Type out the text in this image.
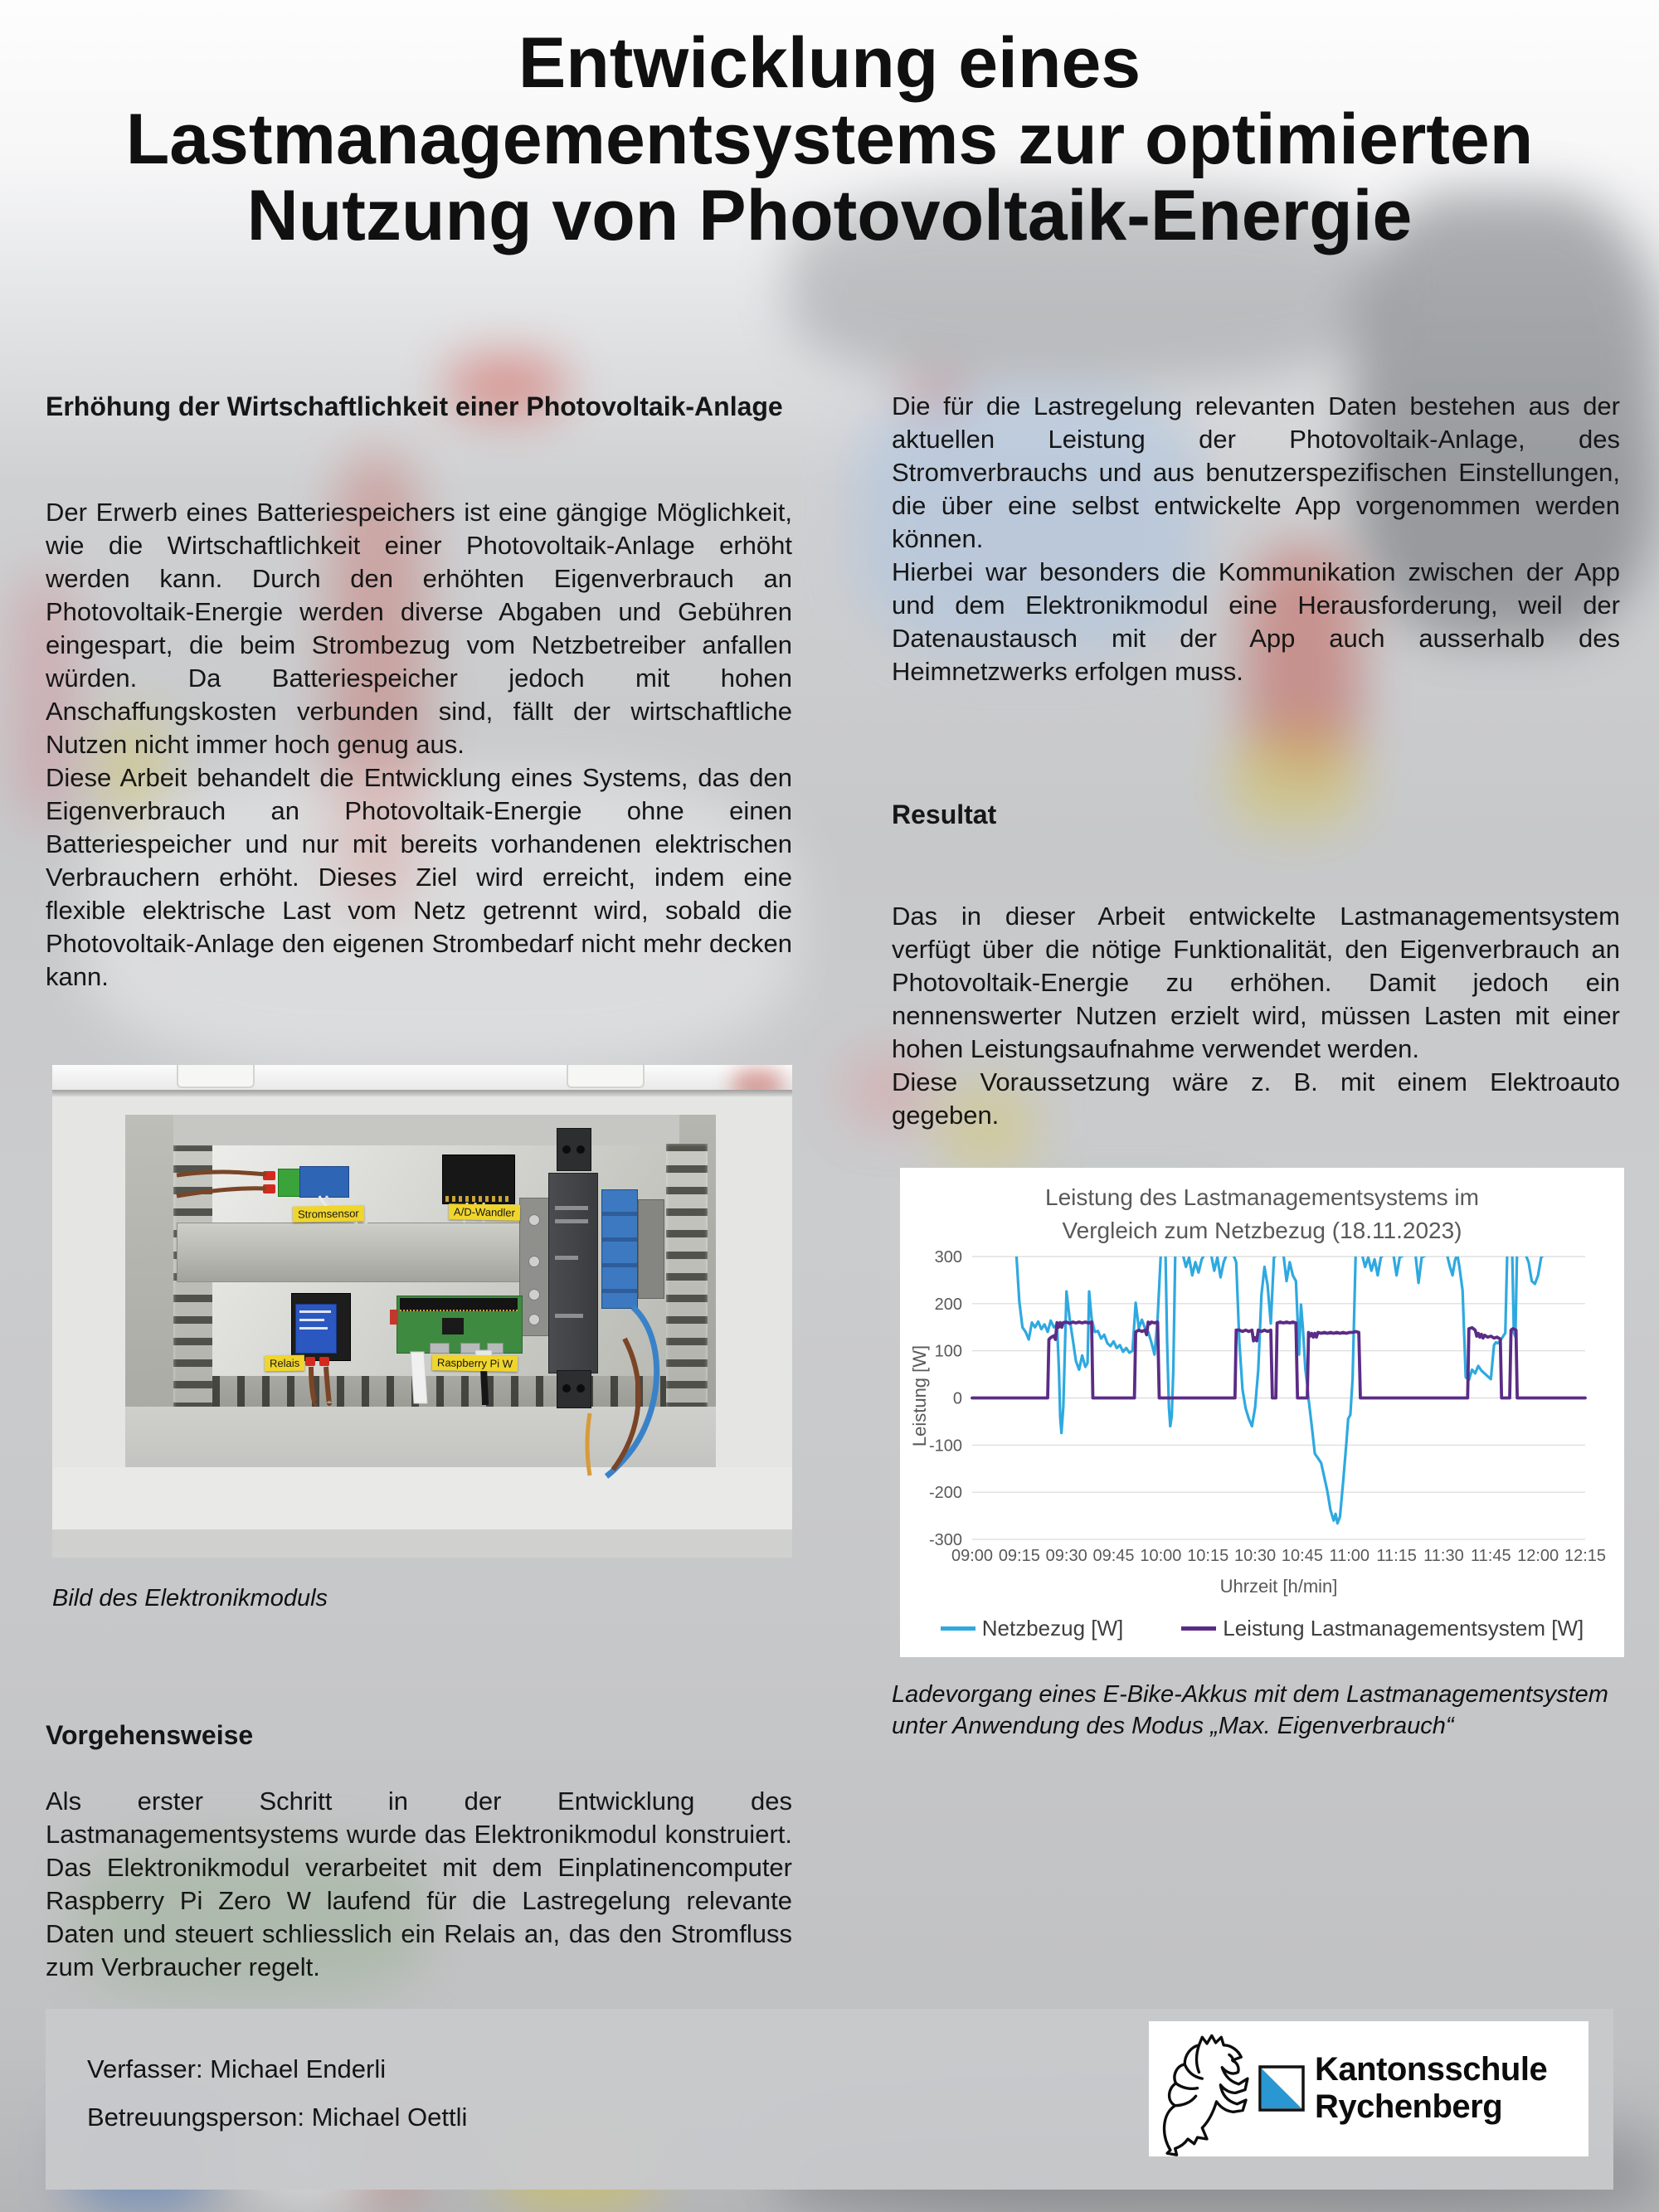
Entwicklung eines
Lastmanagementsystems zur optimierten
Nutzung von Photovoltaik-Energie
Erhöhung der Wirtschaftlichkeit einer Photovoltaik-Anlage

Der Erwerb eines Batteriespeichers ist eine gängige Möglichkeit, wie die Wirtschaftlichkeit einer Photovoltaik-Anlage erhöht werden kann. Durch den erhöhten Eigenverbrauch an Photovoltaik-Energie werden diverse Abgaben und Gebühren eingespart, die beim Strombezug vom Netzbetreiber anfallen würden. Da Batteriespeicher jedoch mit hohen Anschaffungskosten verbunden sind, fällt der wirtschaftliche Nutzen nicht immer hoch genug aus.

Diese Arbeit behandelt die Entwicklung eines Systems, das den Eigenverbrauch an Photovoltaik-Energie ohne einen Batteriespeicher und nur mit bereits vorhandenen elektrischen Verbrauchern erhöht. Dieses Ziel wird erreicht, indem eine flexible elektrische Last vom Netz getrennt wird, sobald die Photovoltaik-Anlage den eigenen Strombedarf nicht mehr decken kann.

Stromsensor	A/D-Wandler
Relais	Raspberry Pi W
Bild des Elektronikmoduls
Vorgehensweise

Als erster Schritt in der Entwicklung des Lastmanagementsystems wurde das Elektronikmodul konstruiert. Das Elektronikmodul verarbeitet mit dem Einplatinencomputer Raspberry Pi Zero W laufend für die Lastregelung relevante Daten und steuert schliesslich ein Relais an, das den Stromfluss zum Verbraucher regelt.

Die für die Lastregelung relevanten Daten bestehen aus der aktuellen Leistung der Photovoltaik-Anlage, des Stromverbrauchs und aus benutzerspezifischen Einstellungen, die über eine selbst entwickelte App vorgenommen werden können.

Hierbei war besonders die Kommunikation zwischen der App und dem Elektronikmodul eine Herausforderung, weil der Datenaustausch mit der App auch ausserhalb des Heimnetzwerks erfolgen muss.

Resultat

Das in dieser Arbeit entwickelte Lastmanagementsystem verfügt über die nötige Funktionalität, den Eigenverbrauch an Photovoltaik-Energie zu erhöhen. Damit jedoch ein nennenswerter Nutzen erzielt wird, müssen Lasten mit einer hohen Leistungsaufnahme verwendet werden.

Diese Voraussetzung wäre z. B. mit einem Elektroauto gegeben.

300
200
100
0
-100
-200
-300
09:00 09:15 09:30 09:45 10:00 10:15 10:30 10:45 11:00 11:15 11:30 11:45 12:00 12:15
Leistung des Lastmanagementsystems im
Vergleich zum Netzbezug (18.11.2023)
Leistung [W]
Uhrzeit [h/min]
Netzbezug [W]	Leistung Lastmanagementsystem [W]
Ladevorgang eines E-Bike-Akkus mit dem Lastmanagementsystem unter Anwendung des Modus „Max. Eigenverbrauch“
Verfasser: Michael Enderli
Betreuungsperson: Michael Oettli
Kantonsschule
Rychenberg
